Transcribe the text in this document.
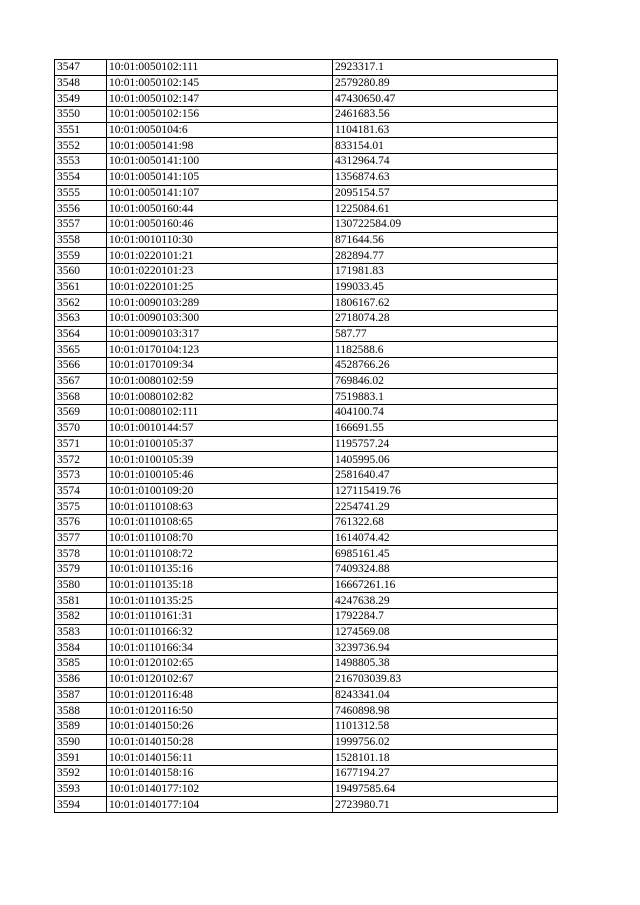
3547	10:01:0050102:111	2923317.1
3548	10:01:0050102:145	2579280.89
3549	10:01:0050102:147	47430650.47
3550	10:01:0050102:156	2461683.56
3551	10:01:0050104:6	1104181.63
3552	10:01:0050141:98	833154.01
3553	10:01:0050141:100	4312964.74
3554	10:01:0050141:105	1356874.63
3555	10:01:0050141:107	2095154.57
3556	10:01:0050160:44	1225084.61
3557	10:01:0050160:46	130722584.09
3558	10:01:0010110:30	871644.56
3559	10:01:0220101:21	282894.77
3560	10:01:0220101:23	171981.83
3561	10:01:0220101:25	199033.45
3562	10:01:0090103:289	1806167.62
3563	10:01:0090103:300	2718074.28
3564	10:01:0090103:317	587.77
3565	10:01:0170104:123	1182588.6
3566	10:01:0170109:34	4528766.26
3567	10:01:0080102:59	769846.02
3568	10:01:0080102:82	7519883.1
3569	10:01:0080102:111	404100.74
3570	10:01:0010144:57	166691.55
3571	10:01:0100105:37	1195757.24
3572	10:01:0100105:39	1405995.06
3573	10:01:0100105:46	2581640.47
3574	10:01:0100109:20	127115419.76
3575	10:01:0110108:63	2254741.29
3576	10:01:0110108:65	761322.68
3577	10:01:0110108:70	1614074.42
3578	10:01:0110108:72	6985161.45
3579	10:01:0110135:16	7409324.88
3580	10:01:0110135:18	16667261.16
3581	10:01:0110135:25	4247638.29
3582	10:01:0110161:31	1792284.7
3583	10:01:0110166:32	1274569.08
3584	10:01:0110166:34	3239736.94
3585	10:01:0120102:65	1498805.38
3586	10:01:0120102:67	216703039.83
3587	10:01:0120116:48	8243341.04
3588	10:01:0120116:50	7460898.98
3589	10:01:0140150:26	1101312.58
3590	10:01:0140150:28	1999756.02
3591	10:01:0140156:11	1528101.18
3592	10:01:0140158:16	1677194.27
3593	10:01:0140177:102	19497585.64
3594	10:01:0140177:104	2723980.71
